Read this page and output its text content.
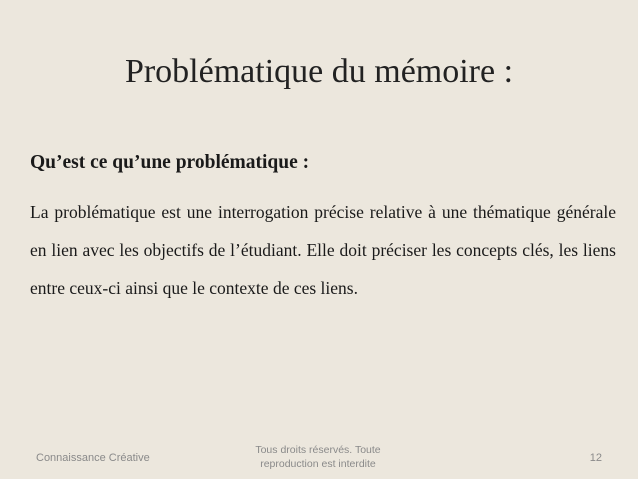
Problématique du mémoire :
Qu’est ce qu’une problématique :

La problématique est une interrogation précise relative à une thématique générale en lien avec les objectifs de l’étudiant. Elle doit préciser les concepts clés, les liens entre ceux-ci ainsi que le contexte de ces liens.

Connaissance Créative
Tous droits réservés. Toute
reproduction est interdite	12
